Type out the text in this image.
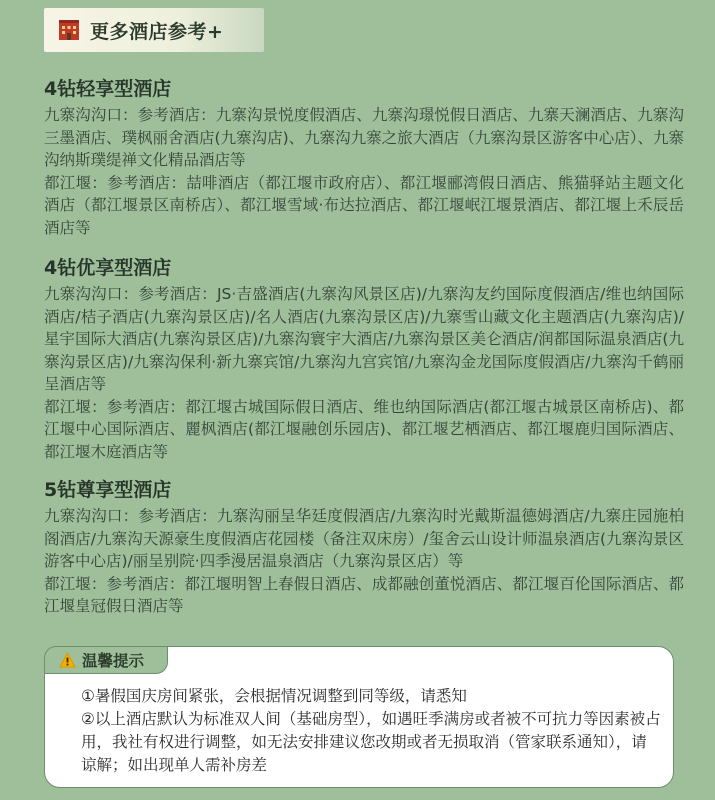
更多酒店参考+
4钻轻享型酒店

九寨沟沟口：参考酒店：九寨沟景悦度假酒店、九寨沟璟悦假日酒店、九寨天澜酒店、九寨沟三墨酒店、璞枫丽舍酒店(九寨沟店)、九寨沟九寨之旅大酒店（九寨沟景区游客中心店）、九寨沟纳斯璞缇禅文化精品酒店等

都江堰：参考酒店：喆啡酒店（都江堰市政府店）、都江堰郦湾假日酒店、熊猫驿站主题文化酒店（都江堰景区南桥店）、都江堰雪域·布达拉酒店、都江堰岷江堰景酒店、都江堰上禾辰岳酒店等

4钻优享型酒店

九寨沟沟口：参考酒店：JS·吉盛酒店(九寨沟风景区店)/九寨沟友约国际度假酒店/维也纳国际酒店/桔子酒店(九寨沟景区店)/名人酒店(九寨沟景区店)/九寨雪山藏文化主题酒店(九寨沟店)/星宇国际大酒店(九寨沟景区店)/九寨沟寰宇大酒店/九寨沟景区美仑酒店/润都国际温泉酒店(九寨沟景区店)/九寨沟保利·新九寨宾馆/九寨沟九宫宾馆/九寨沟金龙国际度假酒店/九寨沟千鹤丽呈酒店等

都江堰：参考酒店：都江堰古城国际假日酒店、维也纳国际酒店(都江堰古城景区南桥店)、都江堰中心国际酒店、麗枫酒店(都江堰融创乐园店)、都江堰艺栖酒店、都江堰鹿归国际酒店、都江堰木庭酒店等

5钻尊享型酒店

九寨沟沟口：参考酒店：九寨沟丽呈华廷度假酒店/九寨沟时光戴斯温德姆酒店/九寨庄园施柏阁酒店/九寨沟天源豪生度假酒店花园楼（备注双床房）/玺舍云山设计师温泉酒店(九寨沟景区游客中心店)/丽呈别院·四季漫居温泉酒店（九寨沟景区店）等

都江堰：参考酒店：都江堰明智上春假日酒店、成都融创董悦酒店、都江堰百伦国际酒店、都江堰皇冠假日酒店等

温馨提示

①暑假国庆房间紧张，会根据情况调整到同等级，请悉知

②以上酒店默认为标准双人间（基础房型），如遇旺季满房或者被不可抗力等因素被占用，我社有权进行调整，如无法安排建议您改期或者无损取消（管家联系通知），请谅解；如出现单人需补房差
